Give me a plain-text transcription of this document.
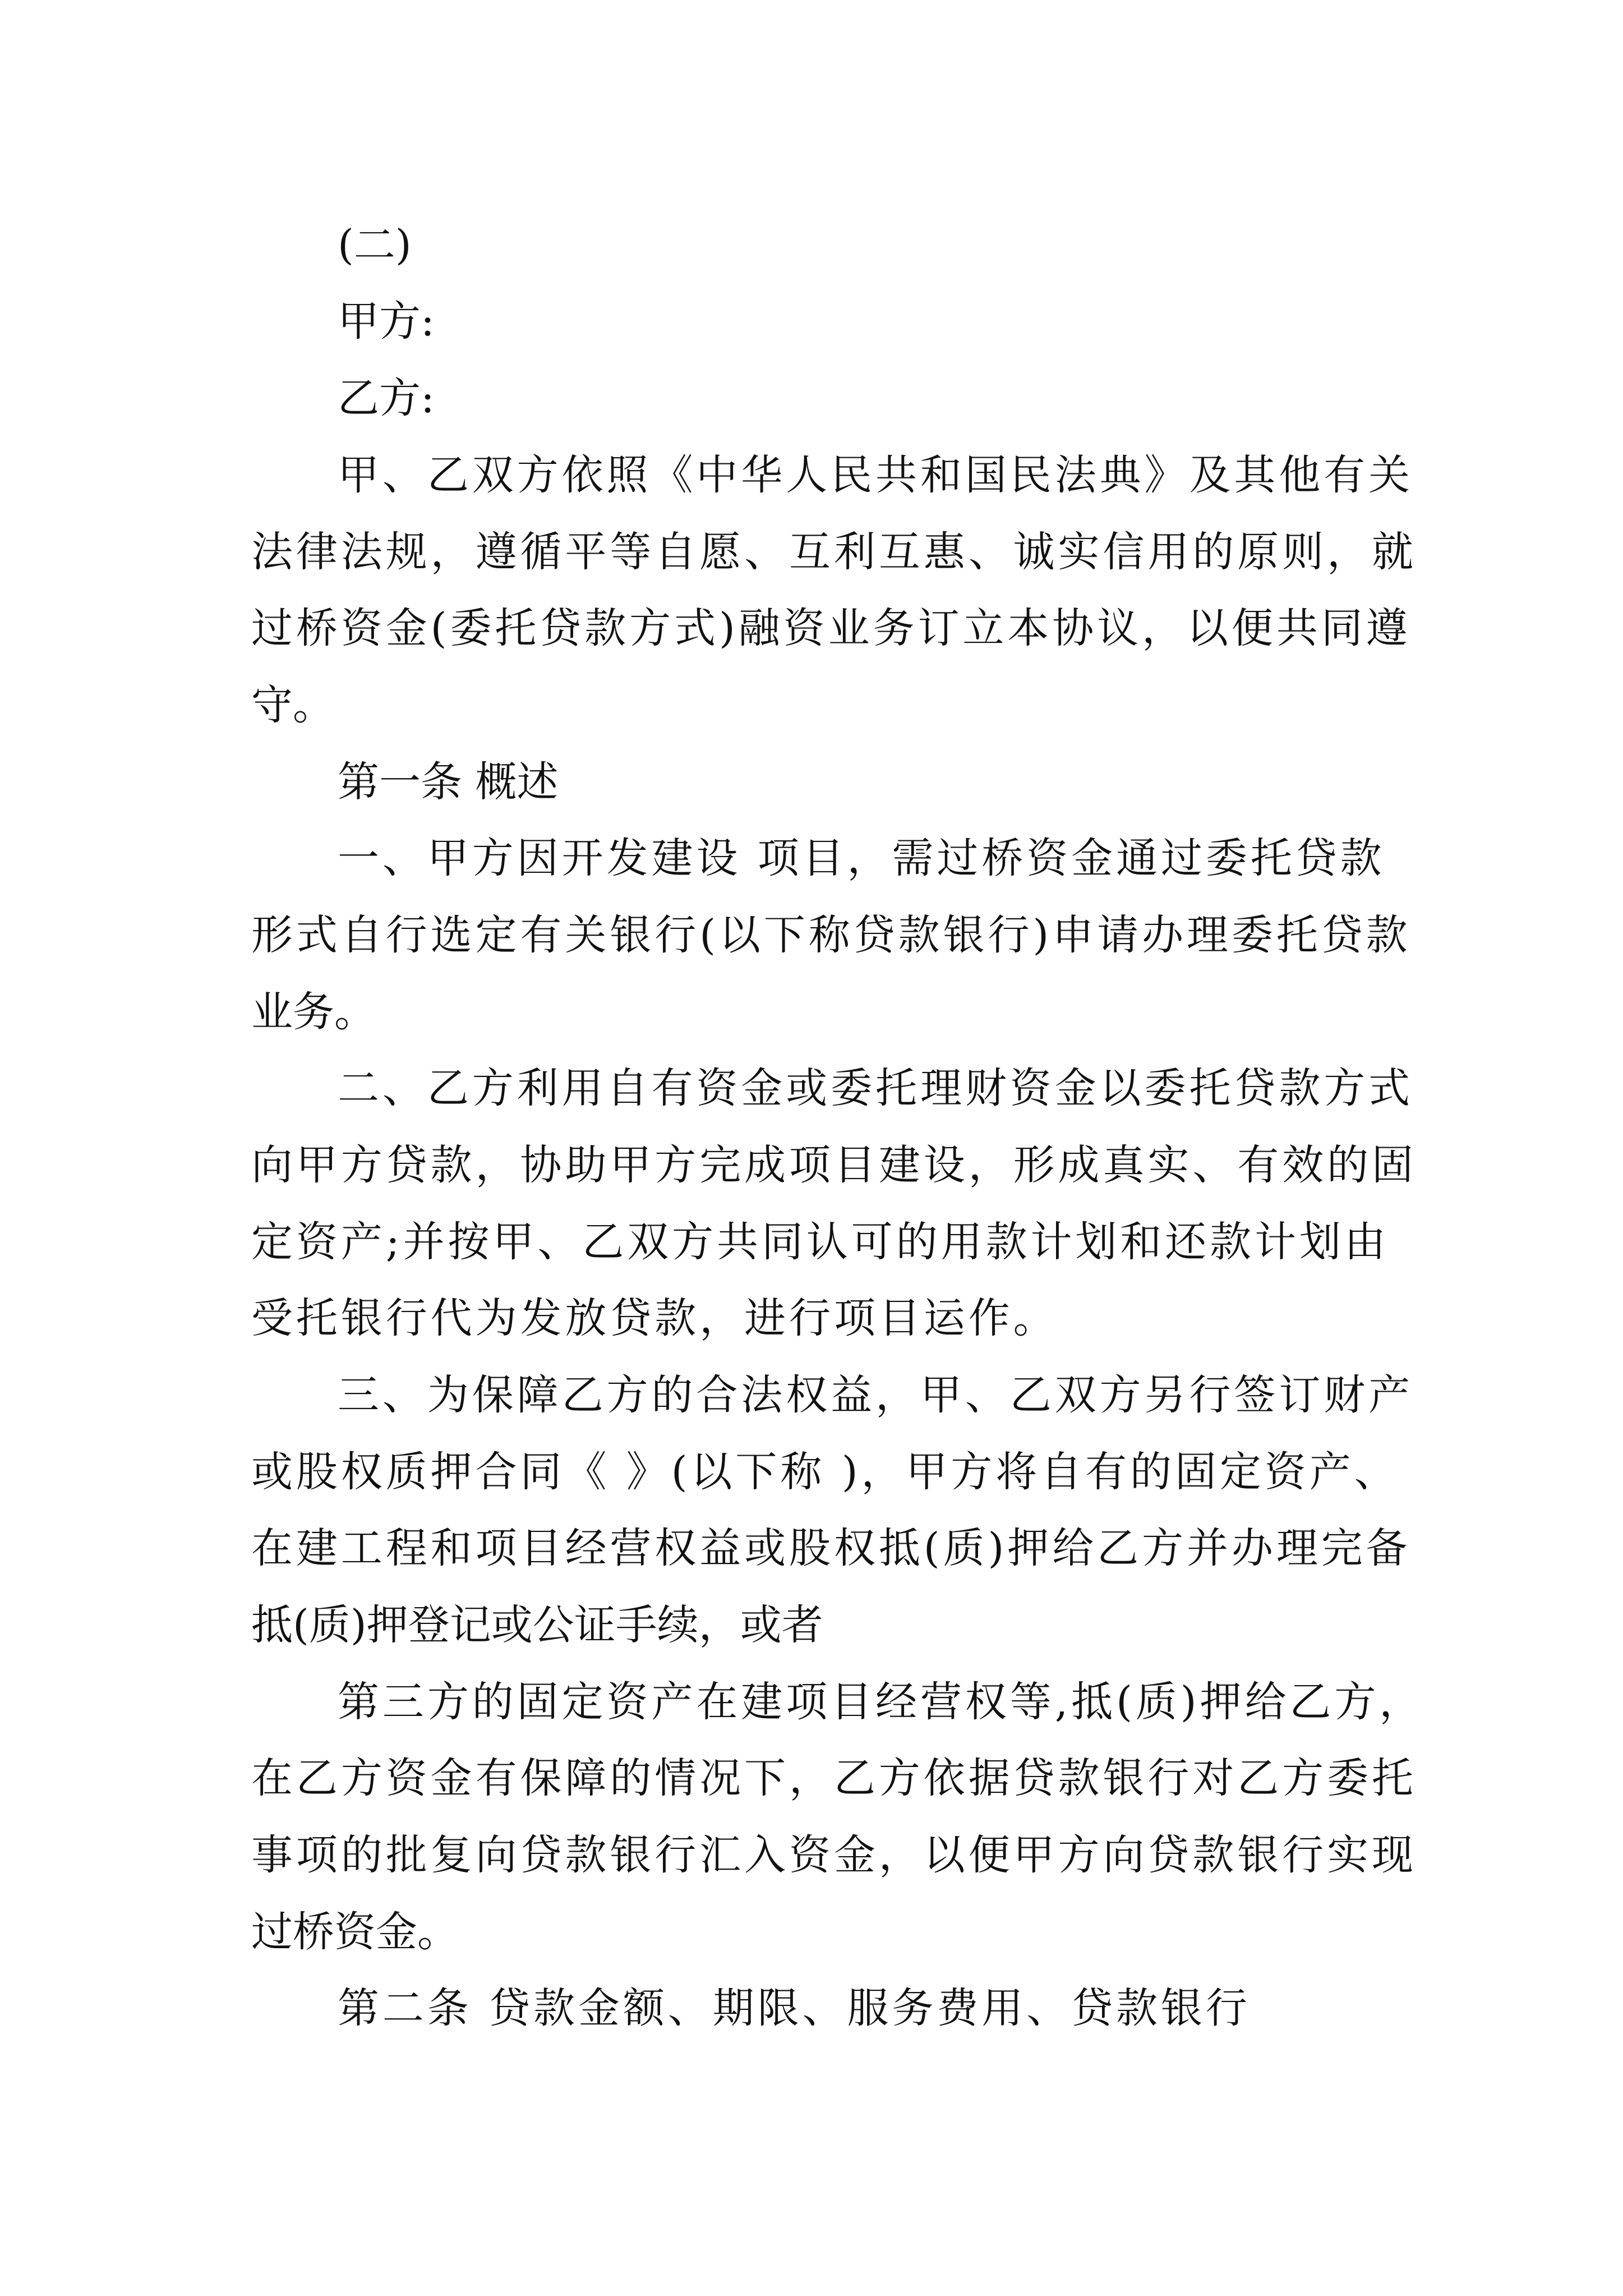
(二)
甲方:
乙方:
甲、乙双方依照《中华人民共和国民法典》及其他有关
法律法规，遵循平等自愿、互利互惠、诚实信用的原则，就
过桥资金(委托贷款方式)融资业务订立本协议，以便共同遵
守。
第一条 概述
一、甲方因开发建设 项目，需过桥资金通过委托贷款
形式自行选定有关银行(以下称贷款银行)申请办理委托贷款
业务。
二、乙方利用自有资金或委托理财资金以委托贷款方式
向甲方贷款，协助甲方完成项目建设，形成真实、有效的固
定资产;并按甲、乙双方共同认可的用款计划和还款计划由
受托银行代为发放贷款，进行项目运作。
三、为保障乙方的合法权益，甲、乙双方另行签订财产
或股权质押合同《 》(以下称 )，甲方将自有的固定资产、
在建工程和项目经营权益或股权抵(质)押给乙方并办理完备
抵(质)押登记或公证手续，或者
第三方的固定资产在建项目经营权等,抵(质)押给乙方，
在乙方资金有保障的情况下，乙方依据贷款银行对乙方委托
事项的批复向贷款银行汇入资金，以便甲方向贷款银行实现
过桥资金。
第二条 贷款金额、期限、服务费用、贷款银行
